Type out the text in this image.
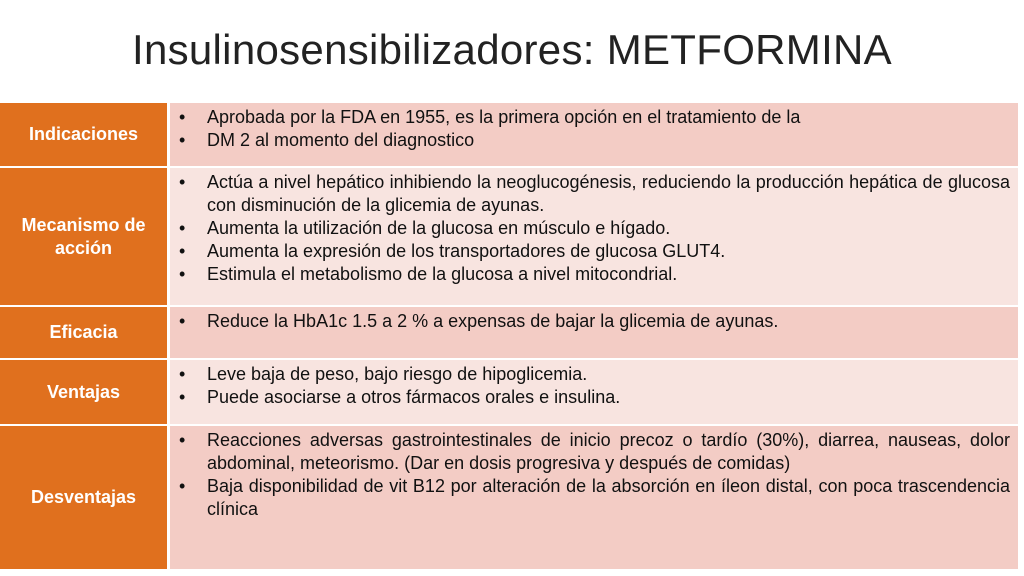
Insulinosensibilizadores: METFORMINA
Indicaciones
• Aprobada por la FDA en 1955, es la primera opción en el tratamiento de la
• DM 2 al momento del diagnostico
Mecanismo de acción
• Actúa a nivel hepático inhibiendo la neoglucogénesis, reduciendo la producción hepática de glucosa con disminución de la glicemia de ayunas.
• Aumenta la utilización de la glucosa en músculo e hígado.
• Aumenta la expresión de los transportadores de glucosa GLUT4.
• Estimula el metabolismo de la glucosa a nivel mitocondrial.
Eficacia
• Reduce la HbA1c 1.5 a 2 % a expensas de bajar la glicemia de ayunas.
Ventajas
• Leve baja de peso, bajo riesgo de hipoglicemia.
• Puede asociarse a otros fármacos orales e insulina.
Desventajas
• Reacciones adversas gastrointestinales de inicio precoz o tardío (30%), diarrea, nauseas, dolor abdominal, meteorismo. (Dar en dosis progresiva y después de comidas)
• Baja disponibilidad de vit B12 por alteración de la absorción en íleon distal, con poca trascendencia clínica
